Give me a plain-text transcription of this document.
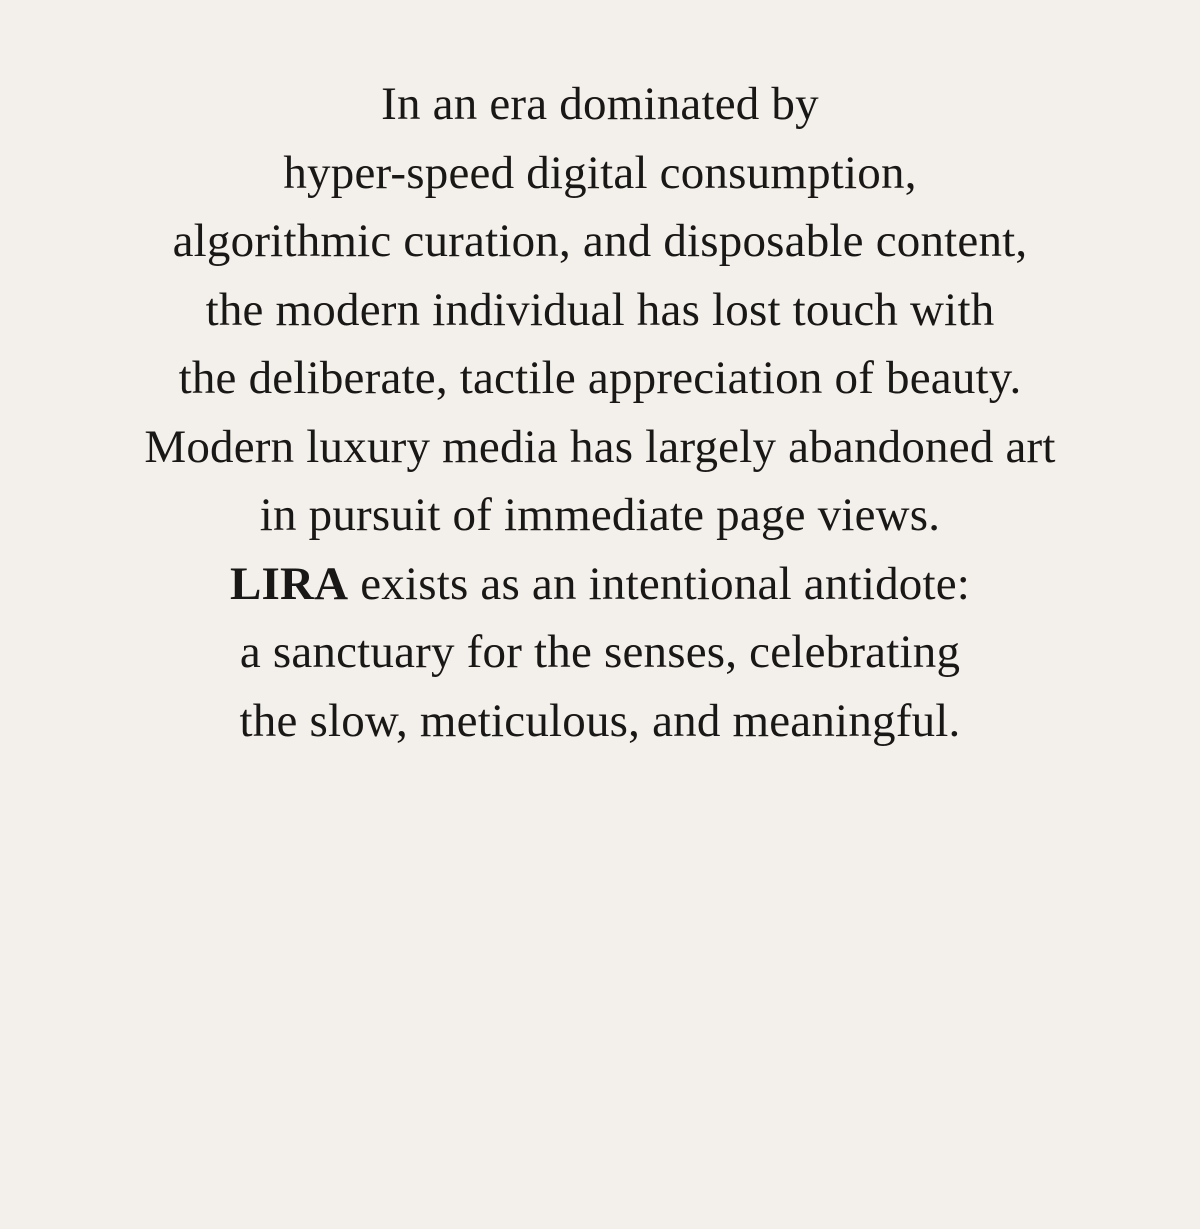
In an era dominated by
hyper-speed digital consumption,
algorithmic curation, and disposable content,
the modern individual has lost touch with
the deliberate, tactile appreciation of beauty.
Modern luxury media has largely abandoned art
in pursuit of immediate page views.
LIRA exists as an intentional antidote:
a sanctuary for the senses, celebrating
the slow, meticulous, and meaningful.
